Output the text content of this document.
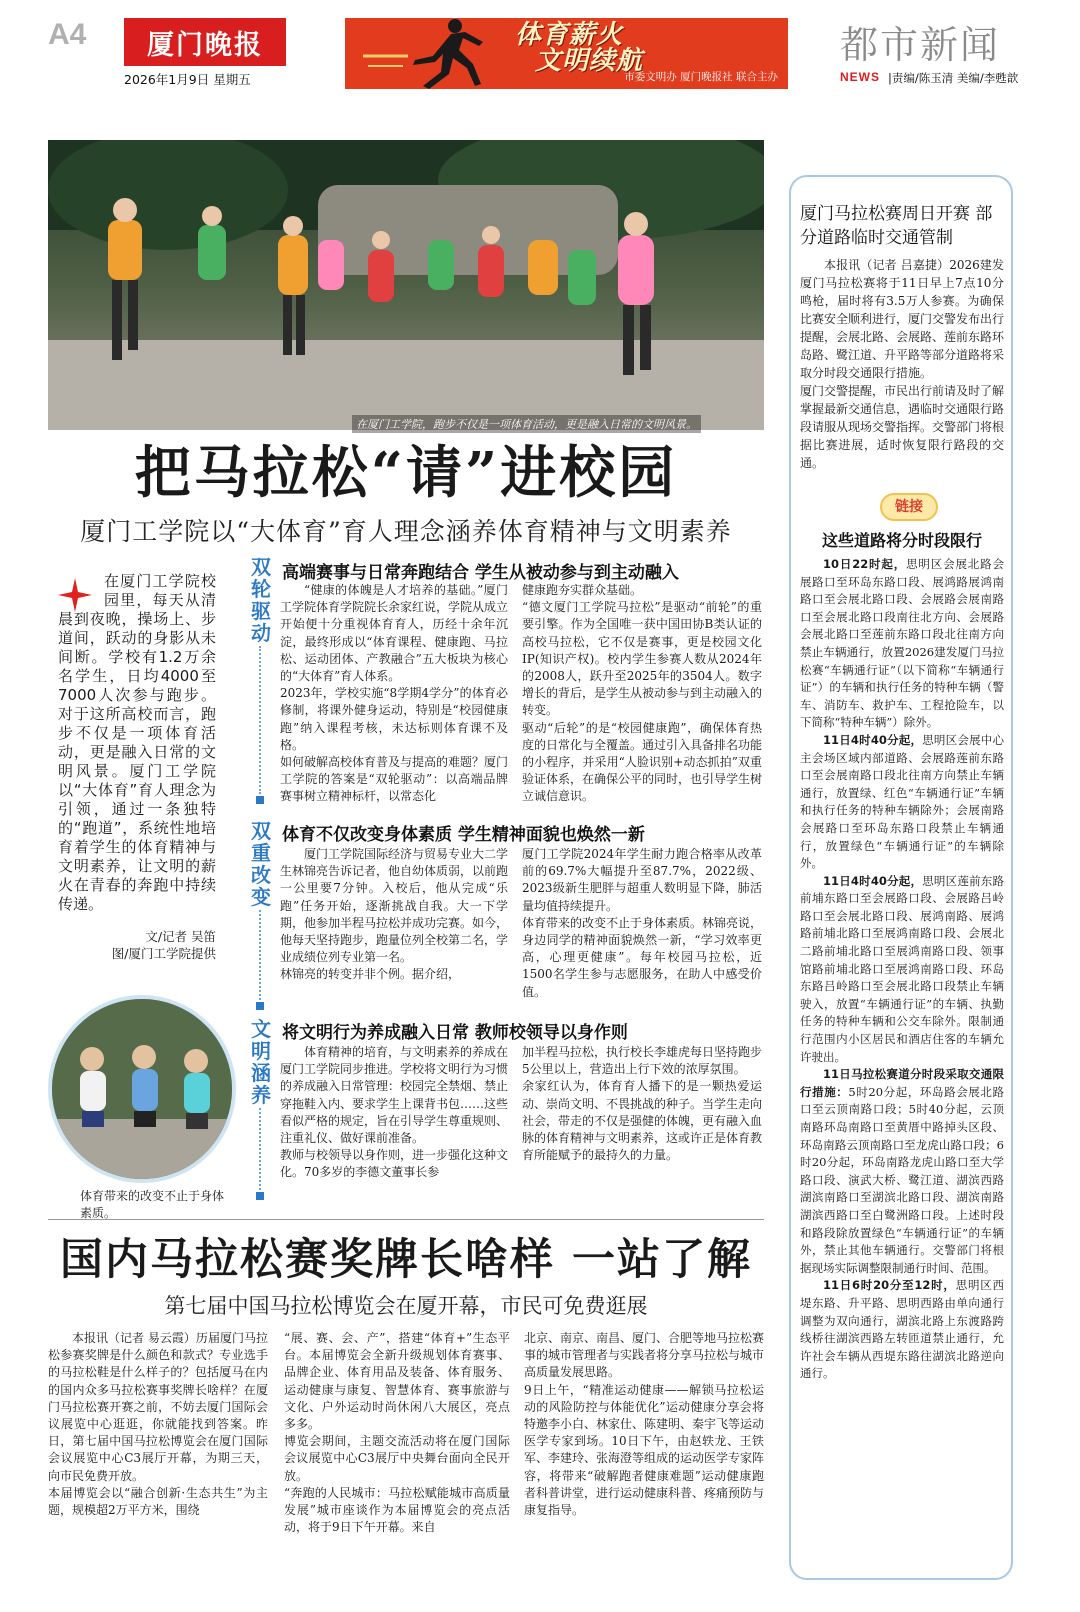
A4	厦门晚报
2026年1月9日 星期五
体育薪火
文明续航
市委文明办 厦门晚报社 联合主办
都市新闻
NEWS |责编/陈玉清 美编/李甦歆
在厦门工学院，跑步不仅是一项体育活动，更是融入日常的文明风景。
把马拉松“请”进校园
厦门工学院以“大体育”育人理念涵养体育精神与文明素养
在厦门工学院校园里，每天从清晨到夜晚，操场上、步道间，跃动的身影从未间断。学校有1.2万余名学生，日均4000至7000人次参与跑步。对于这所高校而言，跑步不仅是一项体育活动，更是融入日常的文明风景。厦门工学院以“大体育”育人理念为引领，通过一条独特的“跑道”，系统性地培育着学生的体育精神与文明素养，让文明的薪火在青春的奔跑中持续传递。
文/记者 吴笛
图/厦门工学院提供
体育带来的改变不止于身体素质。
双轮驱动
高端赛事与日常奔跑结合 学生从被动参与到主动融入
“健康的体魄是人才培养的基础。”厦门工学院体育学院院长余家红说，学院从成立开始便十分重视体育育人，历经十余年沉淀，最终形成以“体育课程、健康跑、马拉松、运动团体、产教融合”五大板块为核心的“大体育”育人体系。
2023年，学校实施“8学期4学分”的体育必修制，将课外健身运动，特别是“校园健康跑”纳入课程考核，未达标则体育课不及格。
如何破解高校体育普及与提高的难题？厦门工学院的答案是“双轮驱动”：以高端品牌赛事树立精神标杆，以常态化
健康跑夯实群众基础。
“德文厦门工学院马拉松”是驱动“前轮”的重要引擎。作为全国唯一获中国田协B类认证的高校马拉松，它不仅是赛事，更是校园文化IP(知识产权)。校内学生参赛人数从2024年的2008人，跃升至2025年的3504人。数字增长的背后，是学生从被动参与到主动融入的转变。
驱动“后轮”的是“校园健康跑”，确保体育热度的日常化与全覆盖。通过引入具备排名功能的小程序，并采用“人脸识别+动态抓拍”双重验证体系，在确保公平的同时，也引导学生树立诚信意识。
双重改变
体育不仅改变身体素质 学生精神面貌也焕然一新
厦门工学院国际经济与贸易专业大二学生林锦亮告诉记者，他自幼体质弱，以前跑一公里要7分钟。入校后，他从完成“乐跑”任务开始，逐渐挑战自我。大一下学期，他参加半程马拉松并成功完赛。如今，他每天坚持跑步，跑量位列全校第二名，学业成绩位列专业第一名。
林锦亮的转变并非个例。据介绍，
厦门工学院2024年学生耐力跑合格率从改革前的69.7%大幅提升至87.7%，2022级、2023级新生肥胖与超重人数明显下降，肺活量均值持续提升。
体育带来的改变不止于身体素质。林锦亮说，身边同学的精神面貌焕然一新，“学习效率更高，心理更健康”。每年校园马拉松，近1500名学生参与志愿服务，在助人中感受价值。
文明涵养
将文明行为养成融入日常 教师校领导以身作则
体育精神的培育，与文明素养的养成在厦门工学院同步推进。学校将文明行为习惯的养成融入日常管理：校园完全禁烟、禁止穿拖鞋入内、要求学生上课背书包……这些看似严格的规定，旨在引导学生尊重规则、注重礼仪、做好课前准备。
教师与校领导以身作则，进一步强化这种文化。70多岁的李德文董事长参
加半程马拉松，执行校长李雄虎每日坚持跑步5公里以上，营造出上行下效的浓厚氛围。
余家红认为，体育育人播下的是一颗热爱运动、崇尚文明、不畏挑战的种子。当学生走向社会，带走的不仅是强健的体魄，更有融入血脉的体育精神与文明素养，这或许正是体育教育所能赋予的最持久的力量。
国内马拉松赛奖牌长啥样 一站了解
第七届中国马拉松博览会在厦开幕，市民可免费逛展
本报讯（记者 易云霞）历届厦门马拉松参赛奖牌是什么颜色和款式？专业选手的马拉松鞋是什么样子的？包括厦马在内的国内众多马拉松赛事奖牌长啥样？在厦门马拉松赛开赛之前，不妨去厦门国际会议展览中心逛逛，你就能找到答案。昨日，第七届中国马拉松博览会在厦门国际会议展览中心C3展厅开幕，为期三天，向市民免费开放。
本届博览会以“融合创新·生态共生”为主题，规模超2万平方米，围绕
“展、赛、会、产”，搭建“体育+”生态平台。本届博览会全新升级规划体育赛事、品牌企业、体育用品及装备、体育服务、运动健康与康复、智慧体育、赛事旅游与文化、户外运动时尚休闲八大展区，亮点多多。
博览会期间，主题交流活动将在厦门国际会议展览中心C3展厅中央舞台面向全民开放。
“奔跑的人民城市：马拉松赋能城市高质量发展”城市座谈作为本届博览会的亮点活动，将于9日下午开幕。来自
北京、南京、南昌、厦门、合肥等地马拉松赛事的城市管理者与实践者将分享马拉松与城市高质量发展思路。
9日上午，“精准运动健康——解锁马拉松运动的风险防控与体能优化”运动健康分享会将特邀李小白、林家仕、陈建明、秦宇飞等运动医学专家到场。10日下午，由赵轶龙、王铁军、李建玲、张海澄等组成的运动医学专家阵容，将带来“破解跑者健康难题”运动健康跑者科普讲堂，进行运动健康科普、疼痛预防与康复指导。
厦门马拉松赛周日开赛 部分道路临时交通管制
本报讯（记者 吕嘉捷）2026建发厦门马拉松赛将于11日早上7点10分鸣枪，届时将有3.5万人参赛。为确保比赛安全顺利进行，厦门交警发布出行提醒，会展北路、会展路、莲前东路环岛路、鹭江道、升平路等部分道路将采取分时段交通限行措施。
厦门交警提醒，市民出行前请及时了解掌握最新交通信息，遇临时交通限行路段请服从现场交警指挥。交警部门将根据比赛进展，适时恢复限行路段的交通。
链接
这些道路将分时段限行

10日22时起，思明区会展北路会展路口至环岛东路口段、展鸿路展鸿南路口至会展北路口段、会展路会展南路口至会展北路口段南往北方向、会展路会展北路口至莲前东路口段北往南方向禁止车辆通行，放置2026建发厦门马拉松赛“车辆通行证”（以下简称“车辆通行证”）的车辆和执行任务的特种车辆（警车、消防车、救护车、工程抢险车，以下简称“特种车辆”）除外。

11日4时40分起，思明区会展中心主会场区域内部道路、会展路莲前东路口至会展南路口段北往南方向禁止车辆通行，放置绿、红色“车辆通行证”车辆和执行任务的特种车辆除外；会展南路会展路口至环岛东路口段禁止车辆通行，放置绿色“车辆通行证”的车辆除外。

11日4时40分起，思明区莲前东路前埔东路口至会展路口段、会展路吕岭路口至会展北路口段、展鸿南路、展鸿路前埔北路口至展鸿南路口段、会展北二路前埔北路口至展鸿南路口段、领事馆路前埔北路口至展鸿南路口段、环岛东路吕岭路口至会展北路口段禁止车辆驶入，放置“车辆通行证”的车辆、执勤任务的特种车辆和公交车除外。限制通行范围内小区居民和酒店住客的车辆允许驶出。

11日马拉松赛道分时段采取交通限行措施：5时20分起，环岛路会展北路口至云顶南路口段；5时40分起，云顶南路环岛南路口至黄厝中路掉头区段、环岛南路云顶南路口至龙虎山路口段；6时20分起，环岛南路龙虎山路口至大学路口段、演武大桥、鹭江道、湖滨西路湖滨南路口至湖滨北路口段、湖滨南路湖滨西路口至白鹭洲路口段。上述时段和路段除放置绿色“车辆通行证”的车辆外，禁止其他车辆通行。交警部门将根据现场实际调整限制通行时间、范围。

11日6时20分至12时，思明区西堤东路、升平路、思明西路由单向通行调整为双向通行，湖滨北路上东渡路跨线桥往湖滨西路左转匝道禁止通行，允许社会车辆从西堤东路往湖滨北路逆向通行。
